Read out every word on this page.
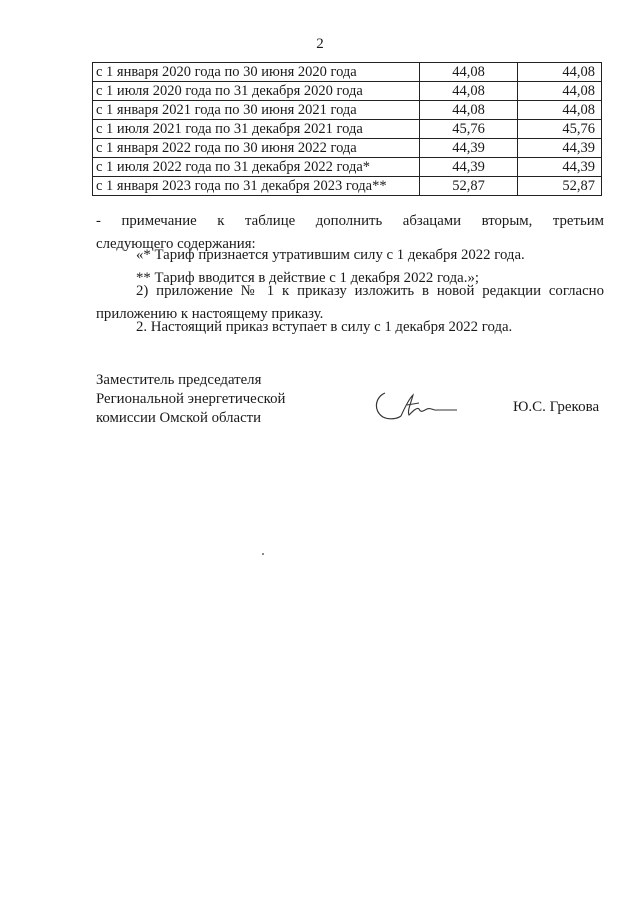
2
с 1 января 2020 года по 30 июня 2020 года	44,08	44,08
с 1 июля 2020 года по 31 декабря 2020 года	44,08	44,08
с 1 января 2021 года по 30 июня 2021 года	44,08	44,08
с 1 июля 2021 года по 31 декабря 2021 года	45,76	45,76
с 1 января 2022 года по 30 июня 2022 года	44,39	44,39
с 1 июля 2022 года по 31 декабря 2022 года*	44,39	44,39
с 1 января 2023 года по 31 декабря 2023 года**	52,87	52,87
- примечание к таблице дополнить абзацами вторым, третьим
следующего содержания:
«* Тариф признается утратившим силу с 1 декабря 2022 года.
** Тариф вводится в действие с 1 декабря 2022 года.»;
2) приложение № 1 к приказу изложить в новой редакции согласно
приложению к настоящему приказу.
2. Настоящий приказ вступает в силу с 1 декабря 2022 года.
Заместитель председателя
Региональной энергетической
комиссии Омской области
Ю.С. Грекова
